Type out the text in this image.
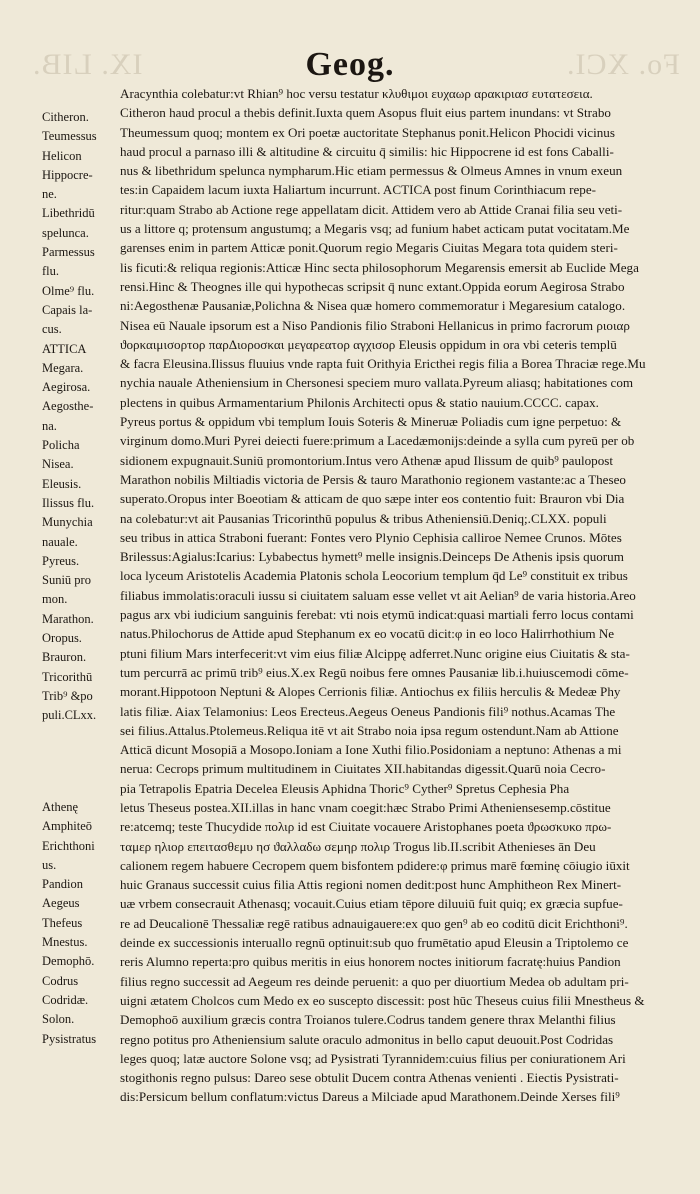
IX. LIB.	Fo. XCI.
Geog.
Citheron.
Teumessus
Helicon
Hippocre-
ne.
Libethridū
spelunca.
Parmessus
flu.
Olme⁹ flu.
Capais la-
cus.
ATTICA
Megara.
Aegirosa.
Aegosthe-
na.
Policha
Nisea.
Eleusis.
Ilissus flu.
Munychia
nauale.
Pyreus.
Suniū pro
mon.
Marathon.
Oropus.
Brauron.
Tricorithū
Trib⁹ &po
puli.CLxx.
Athenę
Amphiteō
Erichthoni
us.
Pandion
Aegeus
Thefeus
Mnestus.
Demophō.
Codrus
Codridæ.
Solon.
Pysistratus
Aracynthia colebatur:vt Rhian⁹ hoc versu testatur κλυθιμοι ευχαωρ αρακιριασ ευτατεσεια.
Citheron haud procul a thebis definit.Iuxta quem Asopus fluit eius partem inundans: vt Strabo
Theumessum quoq; montem ex Ori poetæ auctoritate Stephanus ponit.Helicon Phocidi vicinus
haud procul a parnaso illi & altitudine & circuitu q̄ similis: hic Hippocrene id est fons Caballi-
nus & libethridum spelunca nympharum.Hic etiam permessus & Olmeus Amnes in vnum exeun
tes:in Capaidem lacum iuxta Haliartum incurrunt. ACTICA post finum Corinthiacum repe-
ritur:quam Strabo ab Actione rege appellatam dicit. Attidem vero ab Attide Cranai filia seu veti-
us a littore q; protensum angustumq; a Megaris vsq; ad funium habet acticam putat vocitatam.Me
garenses enim in partem Atticæ ponit.Quorum regio Megaris Ciuitas Megara tota quidem steri-
lis ficuti:& reliqua regionis:Atticæ Hinc secta philosophorum Megarensis emersit ab Euclide Mega
rensi.Hinc & Theognes ille qui hypothecas scripsit q̄ nunc extant.Oppida eorum Aegirosa Strabo
ni:Aegosthenæ Pausaniæ,Polichna & Nisea quæ homero commemoratur i Megaresium catalogo.
Nisea eū Nauale ipsorum est a Niso Pandionis filio Straboni Hellanicus in primo facrorum ριοιαρ
ϑορκαιμισορτορ παρΔιοροσκαι μεγαρεατορ αγχισορ Eleusis oppidum in ora vbi ceteris templū
& facra Eleusina.Ilissus fluuius vnde rapta fuit Orithyia Ericthei regis filia a Borea Thraciæ rege.Mu
nychia naualе Atheniensium in Chersonesi speciem muro vallata.Pyreum aliasq; habitationes com
plectens in quibus Armamentarium Philonis Architecti opus & statio nauium.CCCC. capax.
Pyreus portus & oppidum vbi templum Iouis Soteris & Mineruæ Poliadis cum igne perpetuo: &
virginum domo.Muri Pyrei deiecti fuere:primum a Lacedæmonijs:deinde a sylla cum pyreū per ob
sidionem expugnauit.Suniū promontorium.Intus vero Athenæ apud Ilissum de quib⁹ paulopost
Marathon nobilis Miltiadis victoria de Persis & tauro Marathonio regionem vastante:ac a Theseo
superato.Oropus inter Boeotiam & atticam de quo sæpe inter eos contentio fuit: Brauron vbi Dia
na colebatur:vt ait Pausanias Tricorinthū populus & tribus Atheniensiū.Deniq;.CLXX. populi
seu tribus in attica Straboni fuerant: Fontes vero Plynio Cephisia calliroe Nemee Crunos. Mōtes
Brilessus:Agialus:Icarius: Lybabectus hymett⁹ melle insignis.Deinceps De Athenis ipsis quorum
loca lyceum Aristotelis Academia Platonis schola Leocorium templum q̄d Le⁹ constituit ex tribus
filiabus immolatis:oraculi iussu si ciuitatem saluam esse vellet vt ait Aelian⁹ de varia historia.Areo
pagus arx vbi iudicium sanguinis ferebat: vti nois etymū indicat:quasi martiali ferro locus contami
natus.Philochorus de Attide apud Stephanum ex eo vocatū dicit:φ in eo loco Halirrhothium Ne
ptuni filium Mars interfecerit:vt vim eius filiæ Alcippę adferret.Nunc origine eius Ciuitatis & sta-
tum percurrā ac primū trib⁹ eius.X.ex Regū noibus fere omnes Pausaniæ lib.i.huiuscemodi cōme-
morant.Hippotoon Neptuni & Alopes Cerrionis filiæ. Antiochus ex filiis herculis & Medeæ Phy
latis filiæ. Aiax Telamonius: Leos Erecteus.Aegeus Oeneus Pandionis fili⁹ nothus.Acamas The
sei filius.Attalus.Ptolemeus.Reliqua itē vt ait Strabo noia ipsa regum ostendunt.Nam ab Attione
Atticā dicunt Mosopiā a Mosopo.Ioniam a Ione Xuthi filio.Posidoniam a neptuno: Athenas a mi
nerua: Cecrops primum multitudinem in Ciuitates XII.habitandas digessit.Quarū noia Cecro-
pia Tetrapolis Epatria Decelea Eleusis Aphidna Thoric⁹ Cyther⁹ Spretus Cephesia Pha
letus Theseus postea.XII.illas in hanc vnam coegit:hæc Strabo Primi Atheniensesemp.cōstitue
re:atcemq; teste Thucydide πολιρ id est Ciuitate vocauere Aristophanes poeta ϑρωσκυκο πρω-
ταμερ ηλιορ επειτασθεμυ ησ ϑαλλαδω σεμηρ πολιρ Trogus lib.II.scribit Athenieses ān Deu
calionem regem habuere Cecropem quem bisfontem pdidere:φ primus marē fœminę cōiugio iūxit
huic Granaus successit cuius filia Attis regioni nomen dedit:post hunc Amphitheon Rex Minert-
uæ vrbem consecrauit Athenasq; vocauit.Cuius etiam tēpore diluuiū fuit quiq; ex græcia supfue-
re ad Deucalionē Thessaliæ regē ratibus adnauigauere:ex quo gen⁹ ab eo coditū dicit Erichthoni⁹.
deinde ex successionis interuallo regnū optinuit:sub quo frumētatio apud Eleusin a Triptolemo ce
reris Alumno reperta:pro quibus meritis in eius honorem noctes initiorum facratę:huius Pandion
filius regno successit ad Aegeum res deinde peruenit: a quo per diuortium Medea ob adultam pri-
uigni ætatem Cholcos cum Medo ex eo suscepto discessit: post hūc Theseus cuius filii Mnestheus &
Demophoō auxilium græcis contra Troianos tulere.Codrus tandem genere thrax Melanthi filius
regno potitus pro Atheniensium salute oraculo admonitus in bello caput deuouit.Post Codridas
leges quoq; latæ auctore Solone vsq; ad Pysistrati Tyrannidem:cuius filius per coniurationem Ari
stogithonis regno pulsus: Dareo sese obtulit Ducem contra Athenas venienti . Eiectis Pysistrati-
dis:Persicum bellum conflatum:victus Dareus a Milciade apud Marathonem.Deinde Xerses fili⁹
